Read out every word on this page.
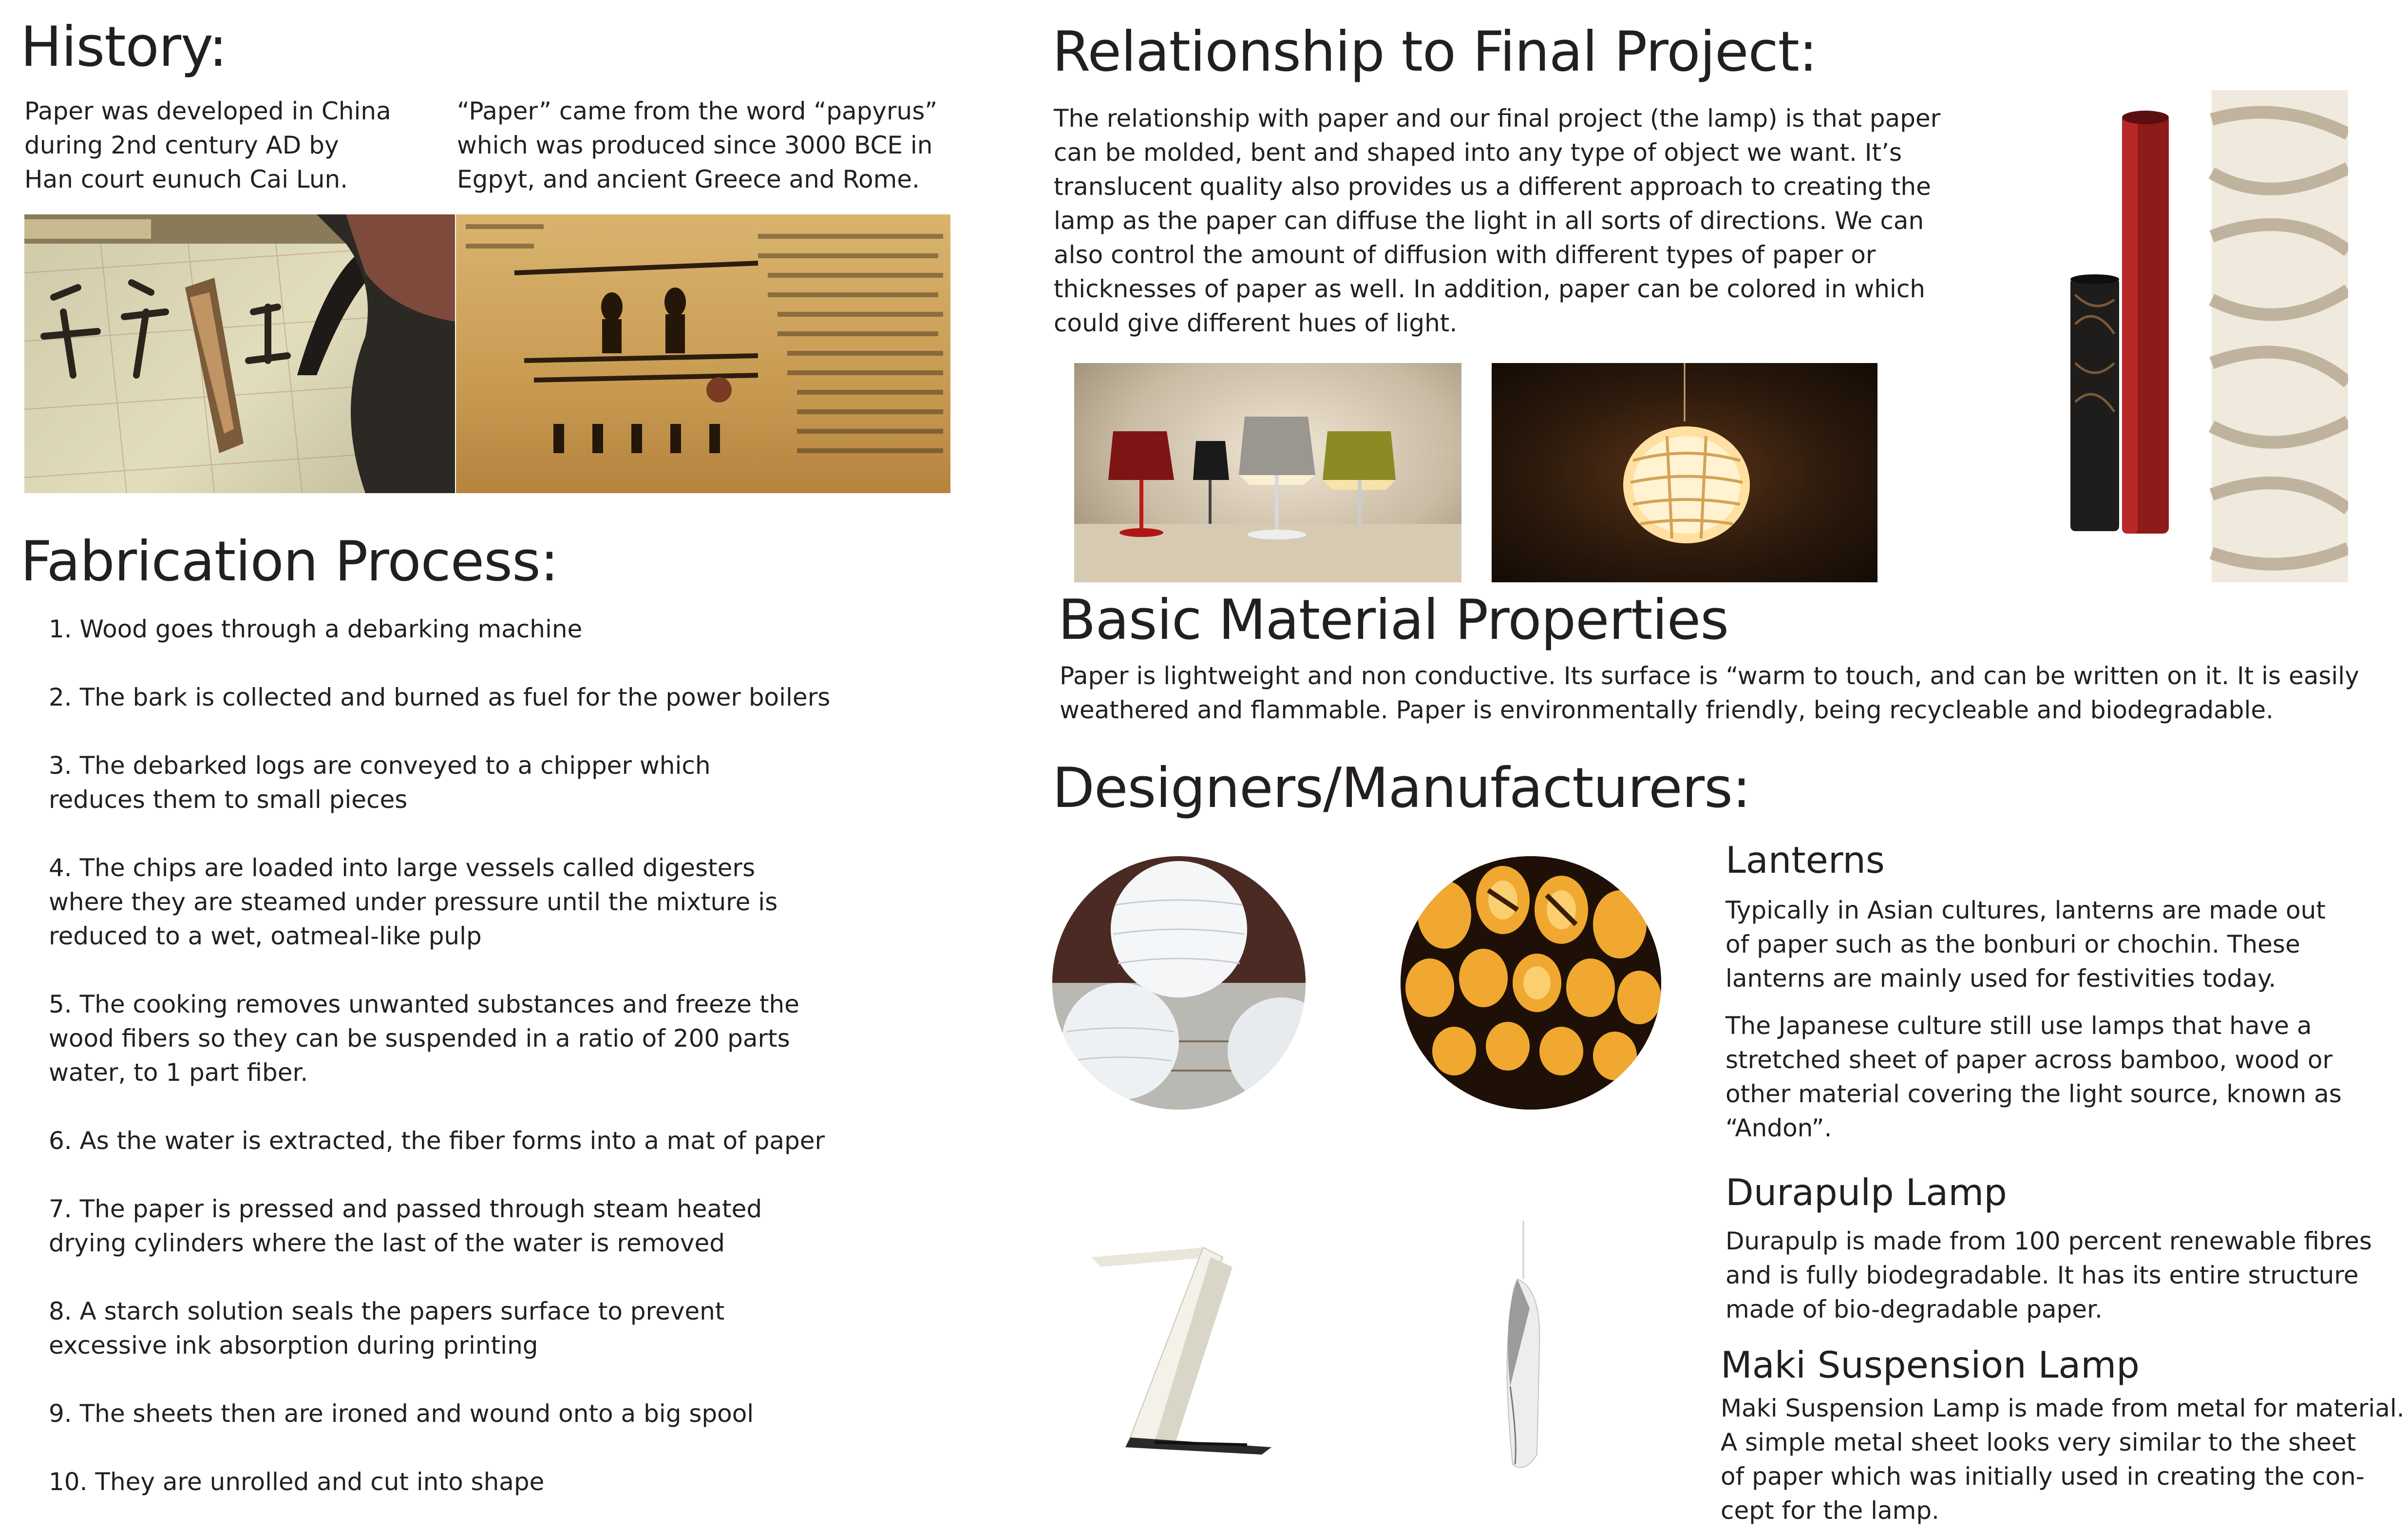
History:
Paper was developed in China
during 2nd century AD by
Han court eunuch Cai Lun.
“Paper” came from the word “papyrus”
which was produced since 3000 BCE in
Egpyt, and ancient Greece and Rome.
Fabrication Process:
1. Wood goes through a debarking machine
2. The bark is collected and burned as fuel for the power boilers
3. The debarked logs are conveyed to a chipper which
reduces them to small pieces
4. The chips are loaded into large vessels called digesters
where they are steamed under pressure until the mixture is
reduced to a wet, oatmeal-like pulp
5. The cooking removes unwanted substances and freeze the
wood fibers so they can be suspended in a ratio of 200 parts
water, to 1 part fiber.
6. As the water is extracted, the fiber forms into a mat of paper
7. The paper is pressed and passed through steam heated
drying cylinders where the last of the water is removed
8. A starch solution seals the papers surface to prevent
excessive ink absorption during printing
9. The sheets then are ironed and wound onto a big spool
10. They are unrolled and cut into shape
Relationship to Final Project:
The relationship with paper and our final project (the lamp) is that paper
can be molded, bent and shaped into any type of object we want. It’s
translucent quality also provides us a different approach to creating the
lamp as the paper can diffuse the light in all sorts of directions. We can
also control the amount of diffusion with different types of paper or
thicknesses of paper as well. In addition, paper can be colored in which
could give different hues of light.
Basic Material Properties
Paper is lightweight and non conductive. Its surface is “warm to touch, and can be written on it. It is easily
weathered and flammable. Paper is environmentally friendly, being recycleable and biodegradable.
Designers/Manufacturers:
Lanterns
Typically in Asian cultures, lanterns are made out
of paper such as the bonburi or chochin. These
lanterns are mainly used for festivities today.
The Japanese culture still use lamps that have a
stretched sheet of paper across bamboo, wood or
other material covering the light source, known as
“Andon”.
Durapulp Lamp
Durapulp is made from 100 percent renewable fibres
and is fully biodegradable. It has its entire structure
made of bio-degradable paper.
Maki Suspension Lamp
Maki Suspension Lamp is made from metal for material.
A simple metal sheet looks very similar to the sheet
of paper which was initially used in creating the con-
cept for the lamp.
